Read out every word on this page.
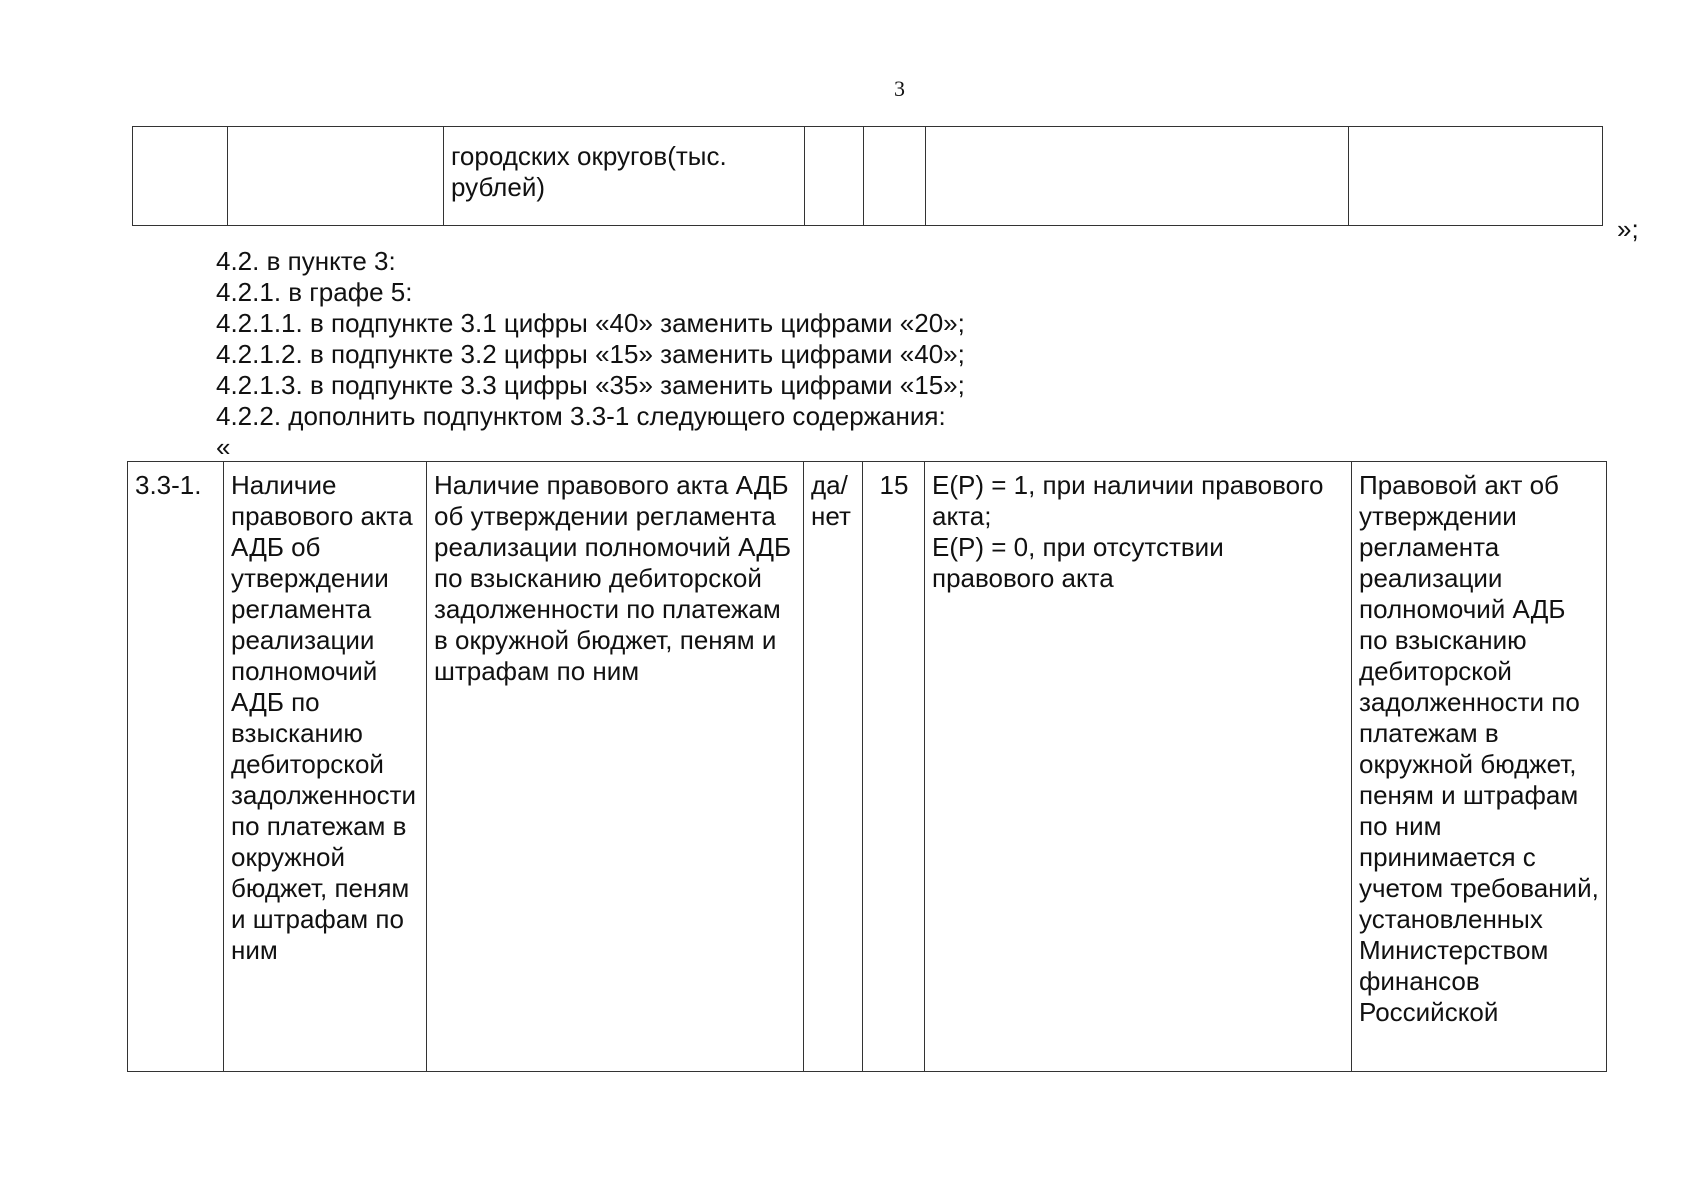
3
		городских округов(тыс. рублей)				
»;
4.2. в пункте 3:
4.2.1. в графе 5:
4.2.1.1. в подпункте 3.1 цифры «40» заменить цифрами «20»;
4.2.1.2. в подпункте 3.2 цифры «15» заменить цифрами «40»;
4.2.1.3. в подпункте 3.3 цифры «35» заменить цифрами «15»;
4.2.2. дополнить подпунктом 3.3-1 следующего содержания:
«
3.3-1.	Наличие правового акта АДБ об утверждении регламента реализации полномочий АДБ по взысканию дебиторской задолженности по платежам в окружной бюджет, пеням и штрафам по ним	Наличие правового акта АДБ об утверждении регламента реализации полномочий АДБ по взысканию дебиторской задолженности по платежам в окружной бюджет, пеням и штрафам по ним	да/ нет	15	E(P) = 1, при наличии правового акта;
E(P) = 0, при отсутствии правового акта
	Правовой акт об утверждении регламента реализации полномочий АДБ по взысканию дебиторской задолженности по платежам в окружной бюджет, пеням и штрафам по ним принимается с учетом требований, установленных Министерством финансов Российской
